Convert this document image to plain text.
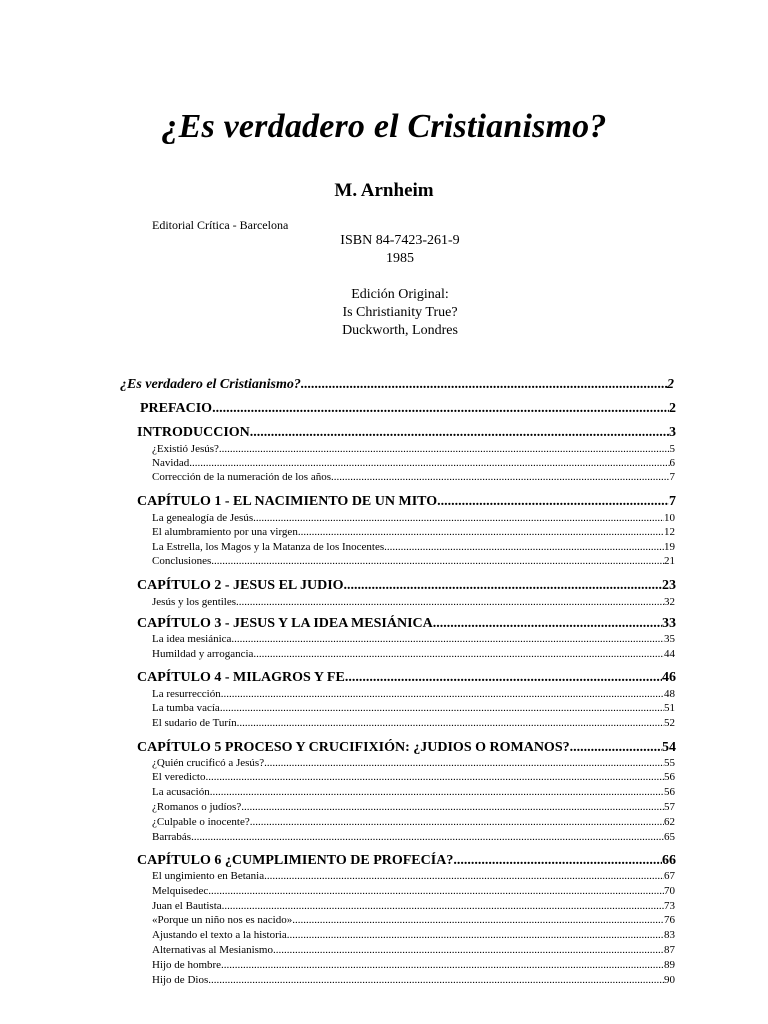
¿Es verdadero el Cristianismo?
M. Arnheim
Editorial Crítica - Barcelona
ISBN 84-7423-261-9
1985
Edición Original:
Is Christianity True?
Duckworth, Londres
¿Es verdadero el Cristianismo? .....	2
PREFACIO .....	2
INTRODUCCION .....	3
¿Existió Jesús? .....	5
Navidad .....	6
Corrección de la numeración de los años .....	7
CAPÍTULO 1 - EL NACIMIENTO DE UN MITO .....	7
La genealogía de Jesús .....	10
El alumbramiento por una virgen .....	12
La Estrella, los Magos y la Matanza de los Inocentes .....	19
Conclusiones .....	21
CAPÍTULO 2 - JESUS EL JUDIO .....	23
Jesús y los gentiles .....	32
CAPÍTULO 3 - JESUS Y LA IDEA MESIÁNICA .....	33
La idea mesiánica .....	35
Humildad y arrogancia .....	44
CAPÍTULO 4 - MILAGROS Y FE .....	46
La resurrección .....	48
La tumba vacía .....	51
El sudario de Turín .....	52
CAPÍTULO 5 PROCESO Y CRUCIFIXIÓN: ¿JUDIOS O ROMANOS? .....	54
¿Quién crucificó a Jesús? .....	55
El veredicto .....	56
La acusación .....	56
¿Romanos o judíos? .....	57
¿Culpable o inocente? .....	62
Barrabás .....	65
CAPÍTULO 6 ¿CUMPLIMIENTO DE PROFECÍA? .....	66
El ungimiento en Betania .....	67
Melquisedec .....	70
Juan el Bautista .....	73
«Porque un niño nos es nacido» .....	76
Ajustando el texto a la historia .....	83
Alternativas al Mesianismo .....	87
Hijo de hombre .....	89
Hijo de Dios .....	90
